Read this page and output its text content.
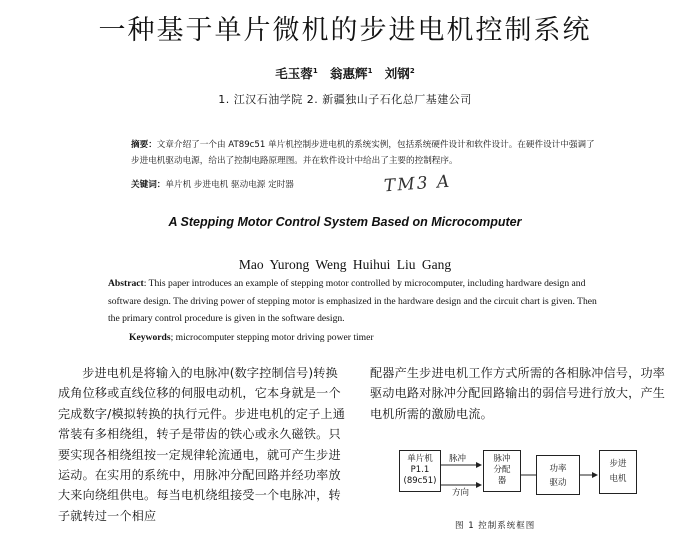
一种基于单片微机的步进电机控制系统
毛玉蓉$^1$ 翁惠辉$^1$ 刘钢$^2$
1. 江汉石油学院 2. 新疆独山子石化总厂基建公司
摘要：文章介绍了一个由 AT89c51 单片机控制步进电机的系统实例，包括系统硬件设计和软件设计。在硬件设计中强调了步进电机驱动电源，给出了控制电路原理图。并在软件设计中给出了主要的控制程序。
关键词：单片机 步进电机 驱动电源 定时器	TM3 A
A Stepping Motor Control System Based on Microcomputer
Mao Yurong Weng Huihui Liu Gang
Abstract: This paper introduces an example of stepping motor controlled by microcomputer, including hardware design and software design. The driving power of stepping motor is emphasized in the hardware design and the circuit chart is given. Then the primary control procedure is given in the software design.
Keywords; microcomputer stepping motor driving power timer
步进电机是将输入的电脉冲(数字控制信号)转换成角位移或直线位移的伺服电动机，它本身就是一个完成数字/模拟转换的执行元件。步进电机的定子上通常装有多相绕组，转子是带齿的铁心或永久磁铁。只要实现各相绕组按一定规律轮流通电，就可产生步进运动。在实用的系统中，用脉冲分配回路并经功率放大来向绕组供电。每当电机绕组接受一个电脉冲，转子就转过一个相应
配器产生步进电机工作方式所需的各相脉冲信号，功率驱动电路对脉冲分配回路输出的弱信号进行放大，产生电机所需的激励电流。
单片机
P1.1
(89c51)
脉冲
分配
器
功率
驱动
步进
电机
脉冲
方向
图 1 控制系统框图
